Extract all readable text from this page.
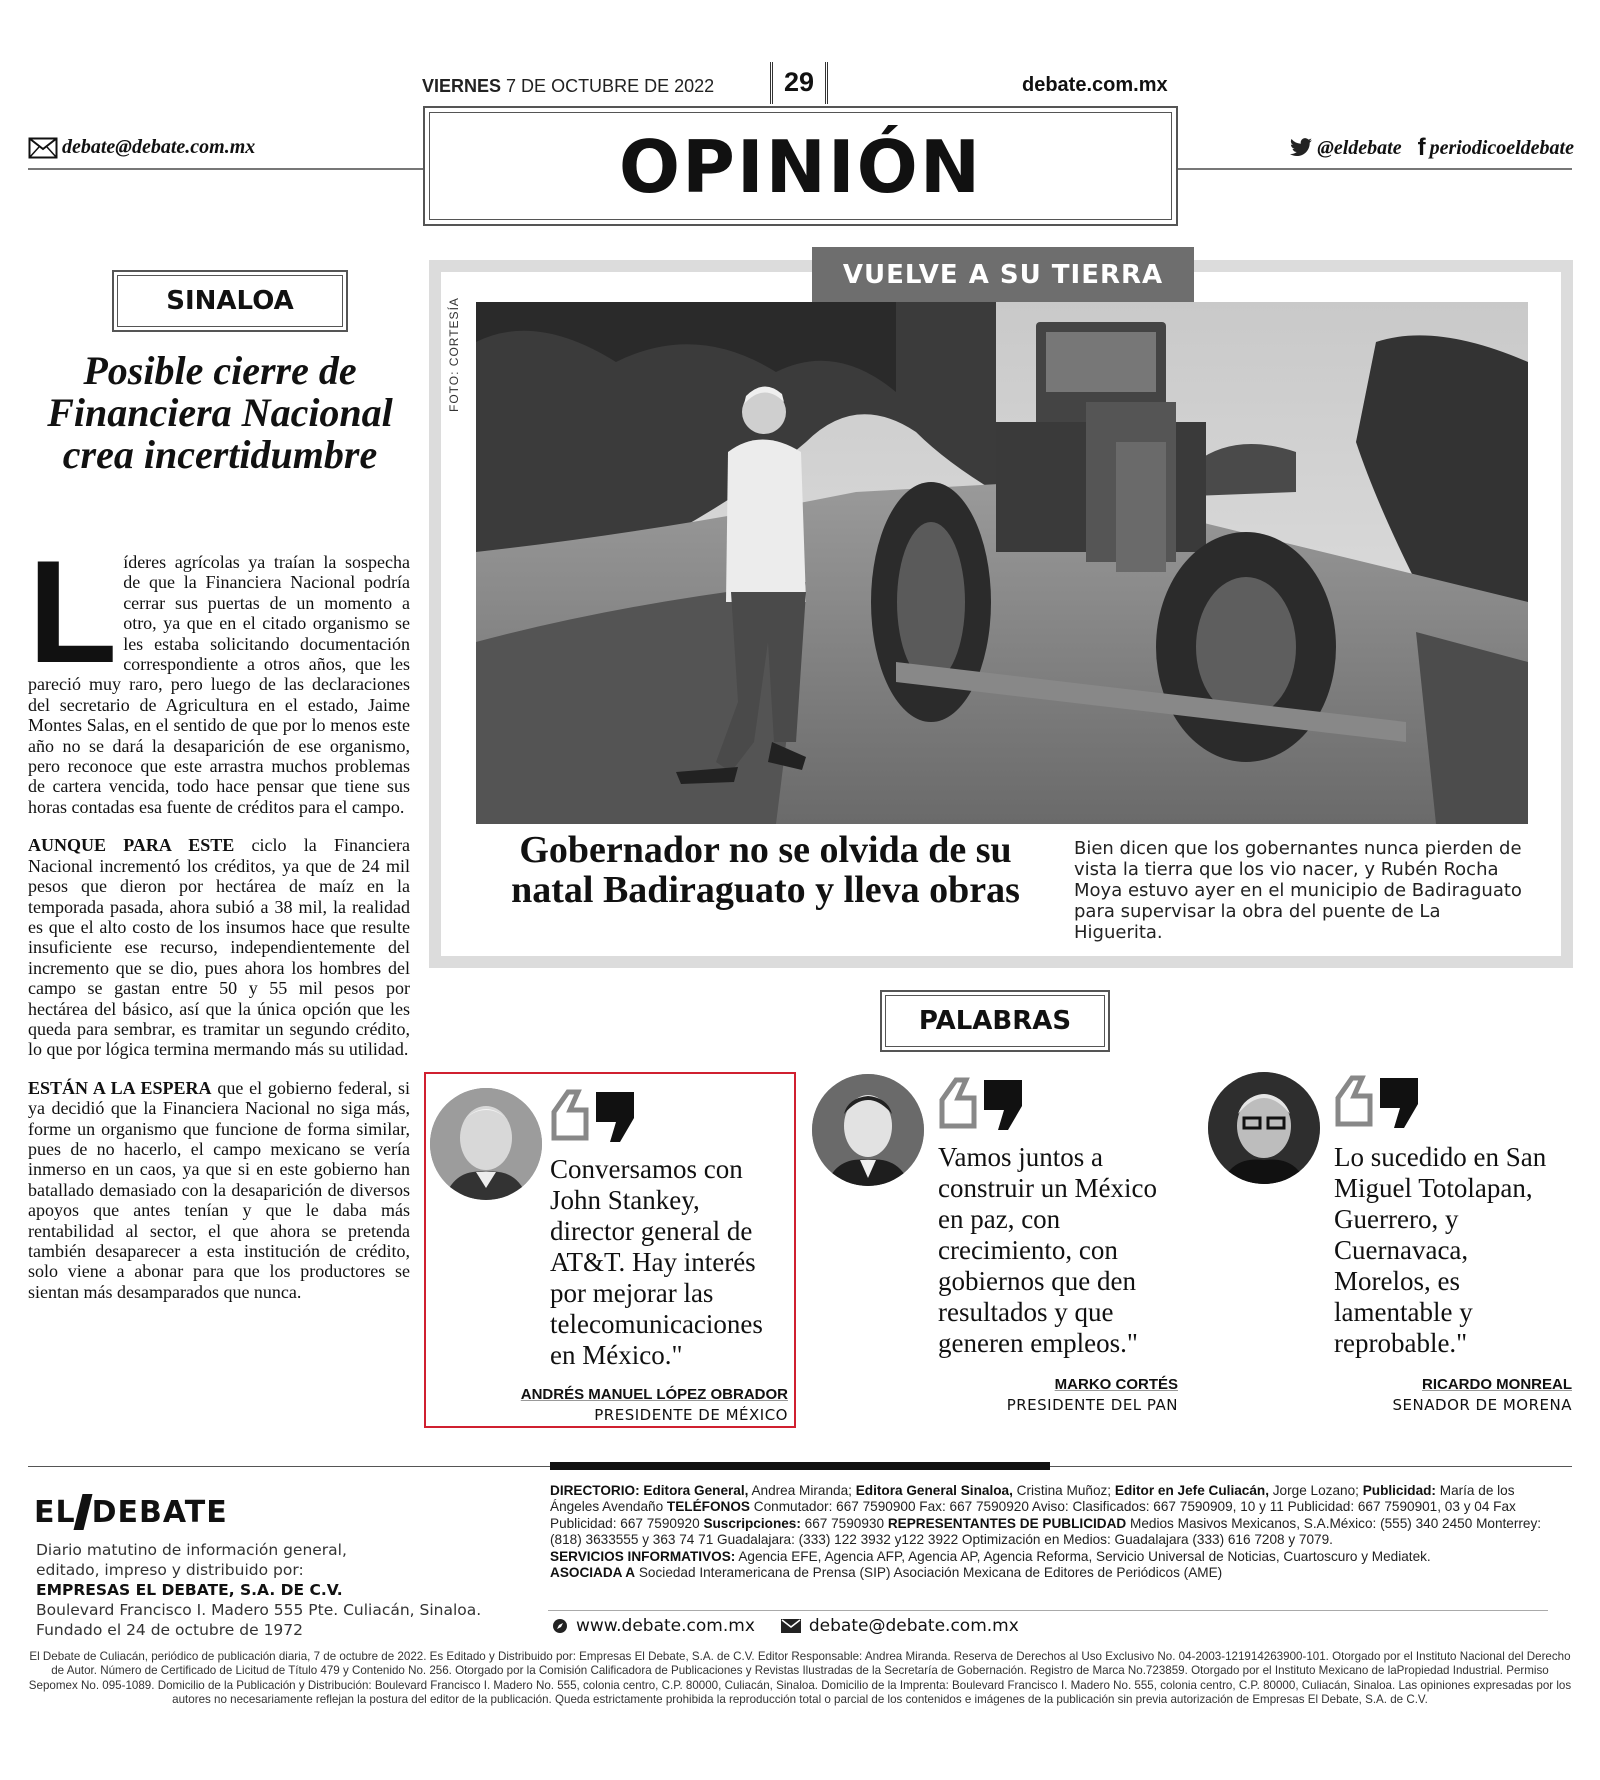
VIERNES 7 DE OCTUBRE DE 2022	29	debate.com.mx
debate@debate.com.mx	OPINIÓN	@eldebate f periodicoeldebate
SINALOA
Posible cierre de Financiera Nacional crea incertidumbre

Líderes agrícolas ya traían la sospecha de que la Financiera Nacional podría cerrar sus puertas de un momento a otro, ya que en el citado organismo se les estaba solicitando documentación correspondiente a otros años, que les pareció muy raro, pero luego de las declaraciones del secretario de Agricultura en el estado, Jaime Montes Salas, en el sentido de que por lo menos este año no se dará la desaparición de ese organismo, pero reconoce que este arrastra muchos problemas de cartera vencida, todo hace pensar que tiene sus horas contadas esa fuente de créditos para el campo.

AUNQUE PARA ESTE ciclo la Financiera Nacional incrementó los créditos, ya que de 24 mil pesos que dieron por hectárea de maíz en la temporada pasada, ahora subió a 38 mil, la realidad es que el alto costo de los insumos hace que resulte insuficiente ese recurso, independientemente del incremento que se dio, pues ahora los hombres del campo se gastan entre 50 y 55 mil pesos por hectárea del básico, así que la única opción que les queda para sembrar, es tramitar un segundo crédito, lo que por lógica termina mermando más su utilidad.

ESTÁN A LA ESPERA que el gobierno federal, si ya decidió que la Financiera Nacional no siga más, forme un organismo que funcione de forma similar, pues de no hacerlo, el campo mexicano se vería inmerso en un caos, ya que si en este gobierno han batallado demasiado con la desaparición de diversos apoyos que antes tenían y que le daba más rentabilidad al sector, el que ahora se pretenda también desaparecer a esta institución de crédito, solo viene a abonar para que los productores se sientan más desamparados que nunca.

VUELVE A SU TIERRA
FOTO: CORTESÍA
Gobernador no se olvida de su natal Badiraguato y lleva obras

Bien dicen que los gobernantes nunca pierden de vista la tierra que los vio nacer, y Rubén Rocha Moya estuvo ayer en el municipio de Badiraguato para supervisar la obra del puente de La Higuerita.

PALABRAS

Conversamos con John Stankey, director general de AT&T. Hay interés por mejorar las telecomunicaciones en México."

ANDRÉS MANUEL LÓPEZ OBRADOR
PRESIDENTE DE MÉXICO

Vamos juntos a construir un México en paz, con crecimiento, con gobiernos que den resultados y que generen empleos."

MARKO CORTÉS
PRESIDENTE DEL PAN

Lo sucedido en San Miguel Totolapan, Guerrero, y Cuernavaca, Morelos, es lamentable y reprobable."

RICARDO MONREAL
SENADOR DE MORENA
EL DEBATE
Diario matutino de información general,
editado, impreso y distribuido por:
EMPRESAS EL DEBATE, S.A. DE C.V.
Boulevard Francisco I. Madero 555 Pte. Culiacán, Sinaloa.
Fundado el 24 de octubre de 1972
DIRECTORIO: Editora General, Andrea Miranda; Editora General Sinaloa, Cristina Muñoz; Editor en Jefe Culiacán, Jorge Lozano; Publicidad: María de los Ángeles Avendaño TELÉFONOS Conmutador: 667 7590900 Fax: 667 7590920 Aviso: Clasificados: 667 7590909, 10 y 11 Publicidad: 667 7590901, 03 y 04 Fax Publicidad: 667 7590920 Suscripciones: 667 7590930 REPRESENTANTES DE PUBLICIDAD Medios Masivos Mexicanos, S.A.México: (555) 340 2450 Monterrey: (818) 3633555 y 363 74 71 Guadalajara: (333) 122 3932 y122 3922 Optimización en Medios: Guadalajara (333) 616 7208 y 7079.
SERVICIOS INFORMATIVOS: Agencia EFE, Agencia AFP, Agencia AP, Agencia Reforma, Servicio Universal de Noticias, Cuartoscuro y Mediatek.
ASOCIADA A Sociedad Interamericana de Prensa (SIP) Asociación Mexicana de Editores de Periódicos (AME)
www.debate.com.mx	debate@debate.com.mx

El Debate de Culiacán, periódico de publicación diaria, 7 de octubre de 2022. Es Editado y Distribuido por: Empresas El Debate, S.A. de C.V. Editor Responsable: Andrea Miranda. Reserva de Derechos al Uso Exclusivo No. 04-2003-121914263900-101. Otorgado por el Instituto Nacional del Derecho de Autor. Número de Certificado de Licitud de Título 479 y Contenido No. 256. Otorgado por la Comisión Calificadora de Publicaciones y Revistas Ilustradas de la Secretaría de Gobernación. Registro de Marca No.723859. Otorgado por el Instituto Mexicano de laPropiedad Industrial. Permiso Sepomex No. 095-1089. Domicilio de la Publicación y Distribución: Boulevard Francisco I. Madero No. 555, colonia centro, C.P. 80000, Culiacán, Sinaloa. Domicilio de la Imprenta: Boulevard Francisco I. Madero No. 555, colonia centro, C.P. 80000, Culiacán, Sinaloa. Las opiniones expresadas por los autores no necesariamente reflejan la postura del editor de la publicación. Queda estrictamente prohibida la reproducción total o parcial de los contenidos e imágenes de la publicación sin previa autorización de Empresas El Debate, S.A. de C.V.
